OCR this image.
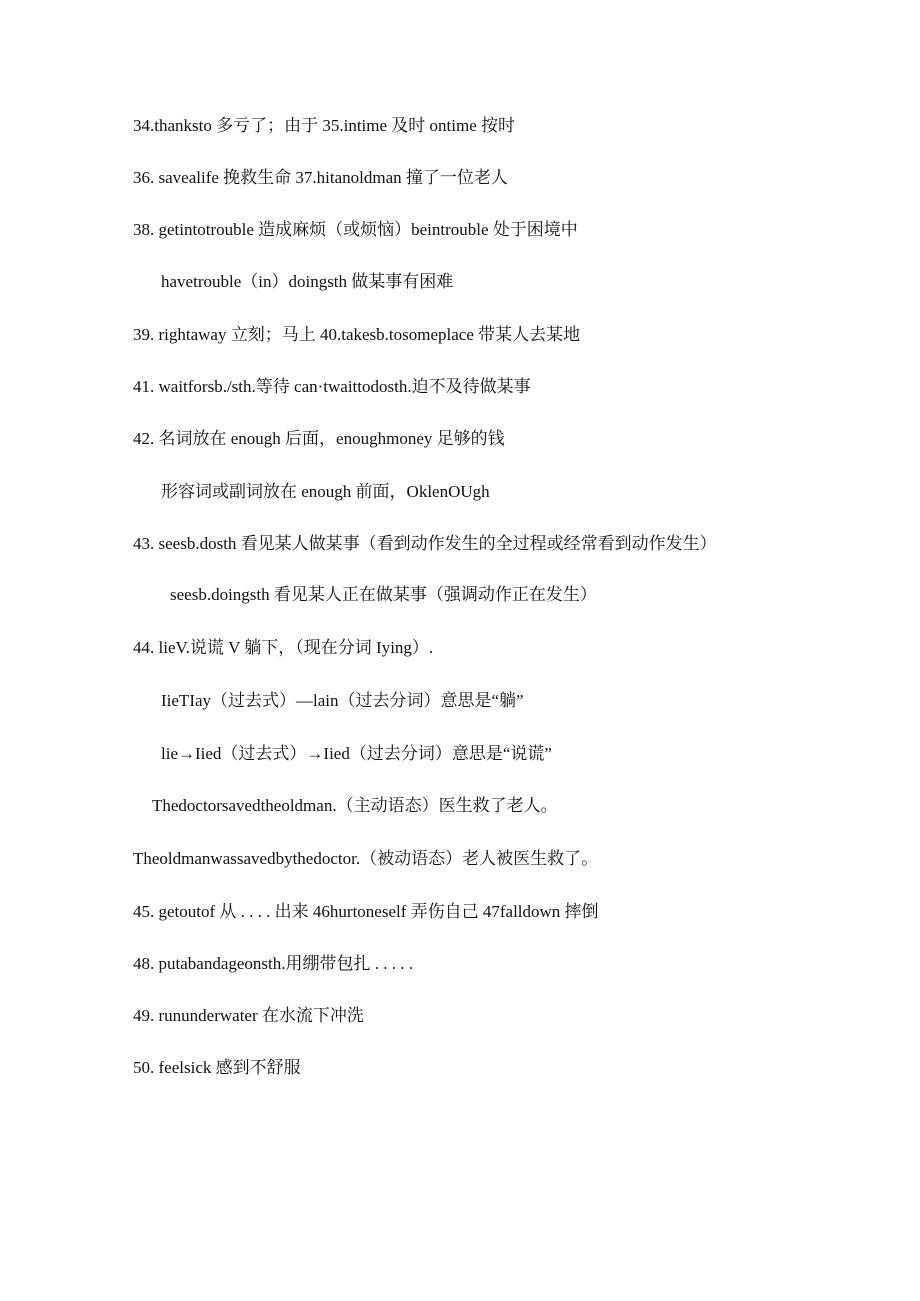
34.thanksto 多亏了；由于 35.intime 及时 ontime 按时
36. savealife 挽救生命 37.hitanoldman 撞了一位老人
38. getintotrouble 造成麻烦（或烦恼）beintrouble 处于困境中
havetrouble（in）doingsth 做某事有困难
39. rightaway 立刻；马上 40.takesb.tosomeplace 带某人去某地
41. waitforsb./sth.等待 can·twaittodosth.迫不及待做某事
42. 名词放在 enough 后面，enoughmoney 足够的钱
形容词或副词放在 enough 前面，OklenOUgh
43. seesb.dosth 看见某人做某事（看到动作发生的全过程或经常看到动作发生）
seesb.doingsth 看见某人正在做某事（强调动作正在发生）
44. lieV.说谎 V 躺下，（现在分词 Iying）.
IieTIay（过去式）—lain（过去分词）意思是“躺”
lie→Iied（过去式）→Iied（过去分词）意思是“说谎”
Thedoctorsavedtheoldman.（主动语态）医生救了老人。
Theoldmanwassavedbythedoctor.（被动语态）老人被医生救了。
45. getoutof 从 . . . . 出来 46hurtoneself 弄伤自己 47falldown 摔倒
48. putabandageonsth.用绷带包扎 . . . . .
49. rununderwater 在水流下冲洗
50. feelsick 感到不舒服
